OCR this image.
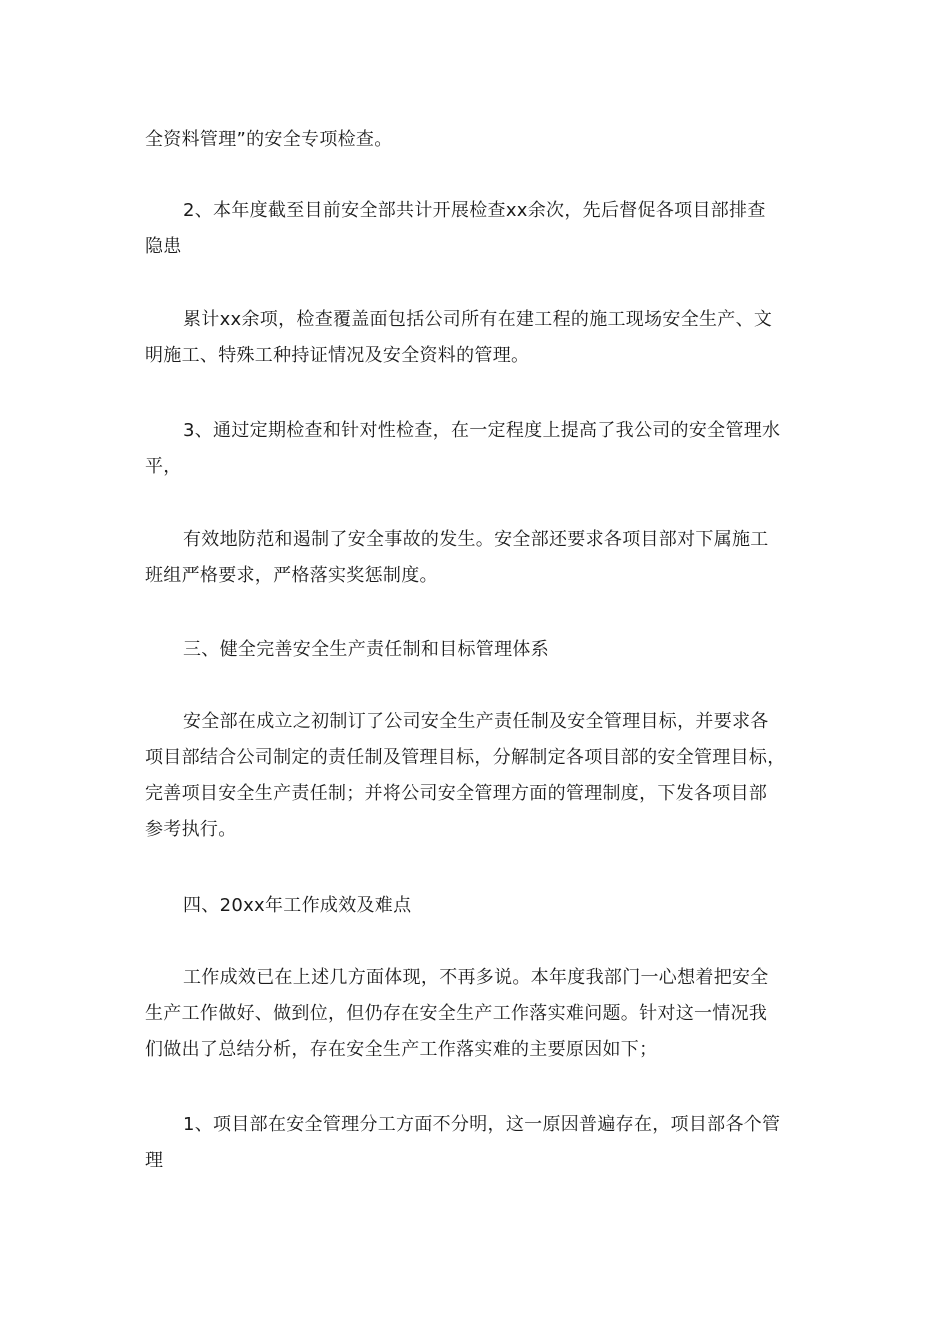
全资料管理”的安全专项检查。

2、本年度截至目前安全部共计开展检查xx余次，先后督促各项目部排查
隐患

累计xx余项，检查覆盖面包括公司所有在建工程的施工现场安全生产、文
明施工、特殊工种持证情况及安全资料的管理。

3、通过定期检查和针对性检查，在一定程度上提高了我公司的安全管理水
平，

有效地防范和遏制了安全事故的发生。安全部还要求各项目部对下属施工
班组严格要求，严格落实奖惩制度。

三、健全完善安全生产责任制和目标管理体系

安全部在成立之初制订了公司安全生产责任制及安全管理目标，并要求各
项目部结合公司制定的责任制及管理目标，分解制定各项目部的安全管理目标，
完善项目安全生产责任制；并将公司安全管理方面的管理制度，下发各项目部
参考执行。

四、20xx年工作成效及难点

工作成效已在上述几方面体现，不再多说。本年度我部门一心想着把安全
生产工作做好、做到位，但仍存在安全生产工作落实难问题。针对这一情况我
们做出了总结分析，存在安全生产工作落实难的主要原因如下；

1、项目部在安全管理分工方面不分明，这一原因普遍存在，项目部各个管
理
